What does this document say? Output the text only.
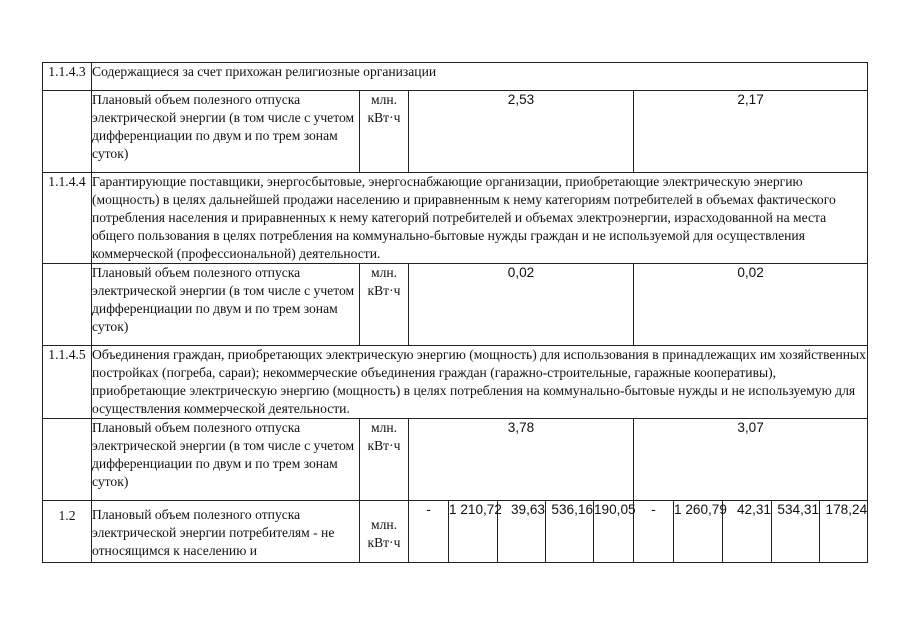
1.1.4.3	Содержащиеся за счет прихожан религиозные организации											
	Плановый объем полезного отпуска электрической энергии (в том числе с учетом дифференциации по двум и по трем зонам суток)	млн. кВт·ч	2,53					2,17				
1.1.4.4	Гарантирующие поставщики, энергосбытовые, энергоснабжающие организации, приобретающие электрическую энергию (мощность) в целях дальнейшей продажи населению и приравненным к нему категориям потребителей в объемах фактического потребления населения и приравненных к нему категорий потребителей и объемах электроэнергии, израсходованной на места общего пользования в целях потребления на коммунально-бытовые нужды граждан и не используемой для осуществления коммерческой (профессиональной) деятельности.											
	Плановый объем полезного отпуска электрической энергии (в том числе с учетом дифференциации по двум и по трем зонам суток)	млн. кВт·ч	0,02					0,02				
1.1.4.5	Объединения граждан, приобретающих электрическую энергию (мощность) для использования в принадлежащих им хозяйственных постройках (погреба, сараи); некоммерческие объединения граждан (гаражно-строительные, гаражные кооперативы), приобретающие электрическую энергию (мощность) в целях потребления на коммунально-бытовые нужды и не используемую для осуществления коммерческой деятельности.											
	Плановый объем полезного отпуска электрической энергии (в том числе с учетом дифференциации по двум и по трем зонам суток)	млн. кВт·ч	3,78					3,07				
1.2	Плановый объем полезного отпуска электрической энергии потребителям - не относящимся к населению и	млн. кВт·ч	-	1 210,72	39,63	536,16	190,05	-	1 260,79	42,31	534,31	178,24
